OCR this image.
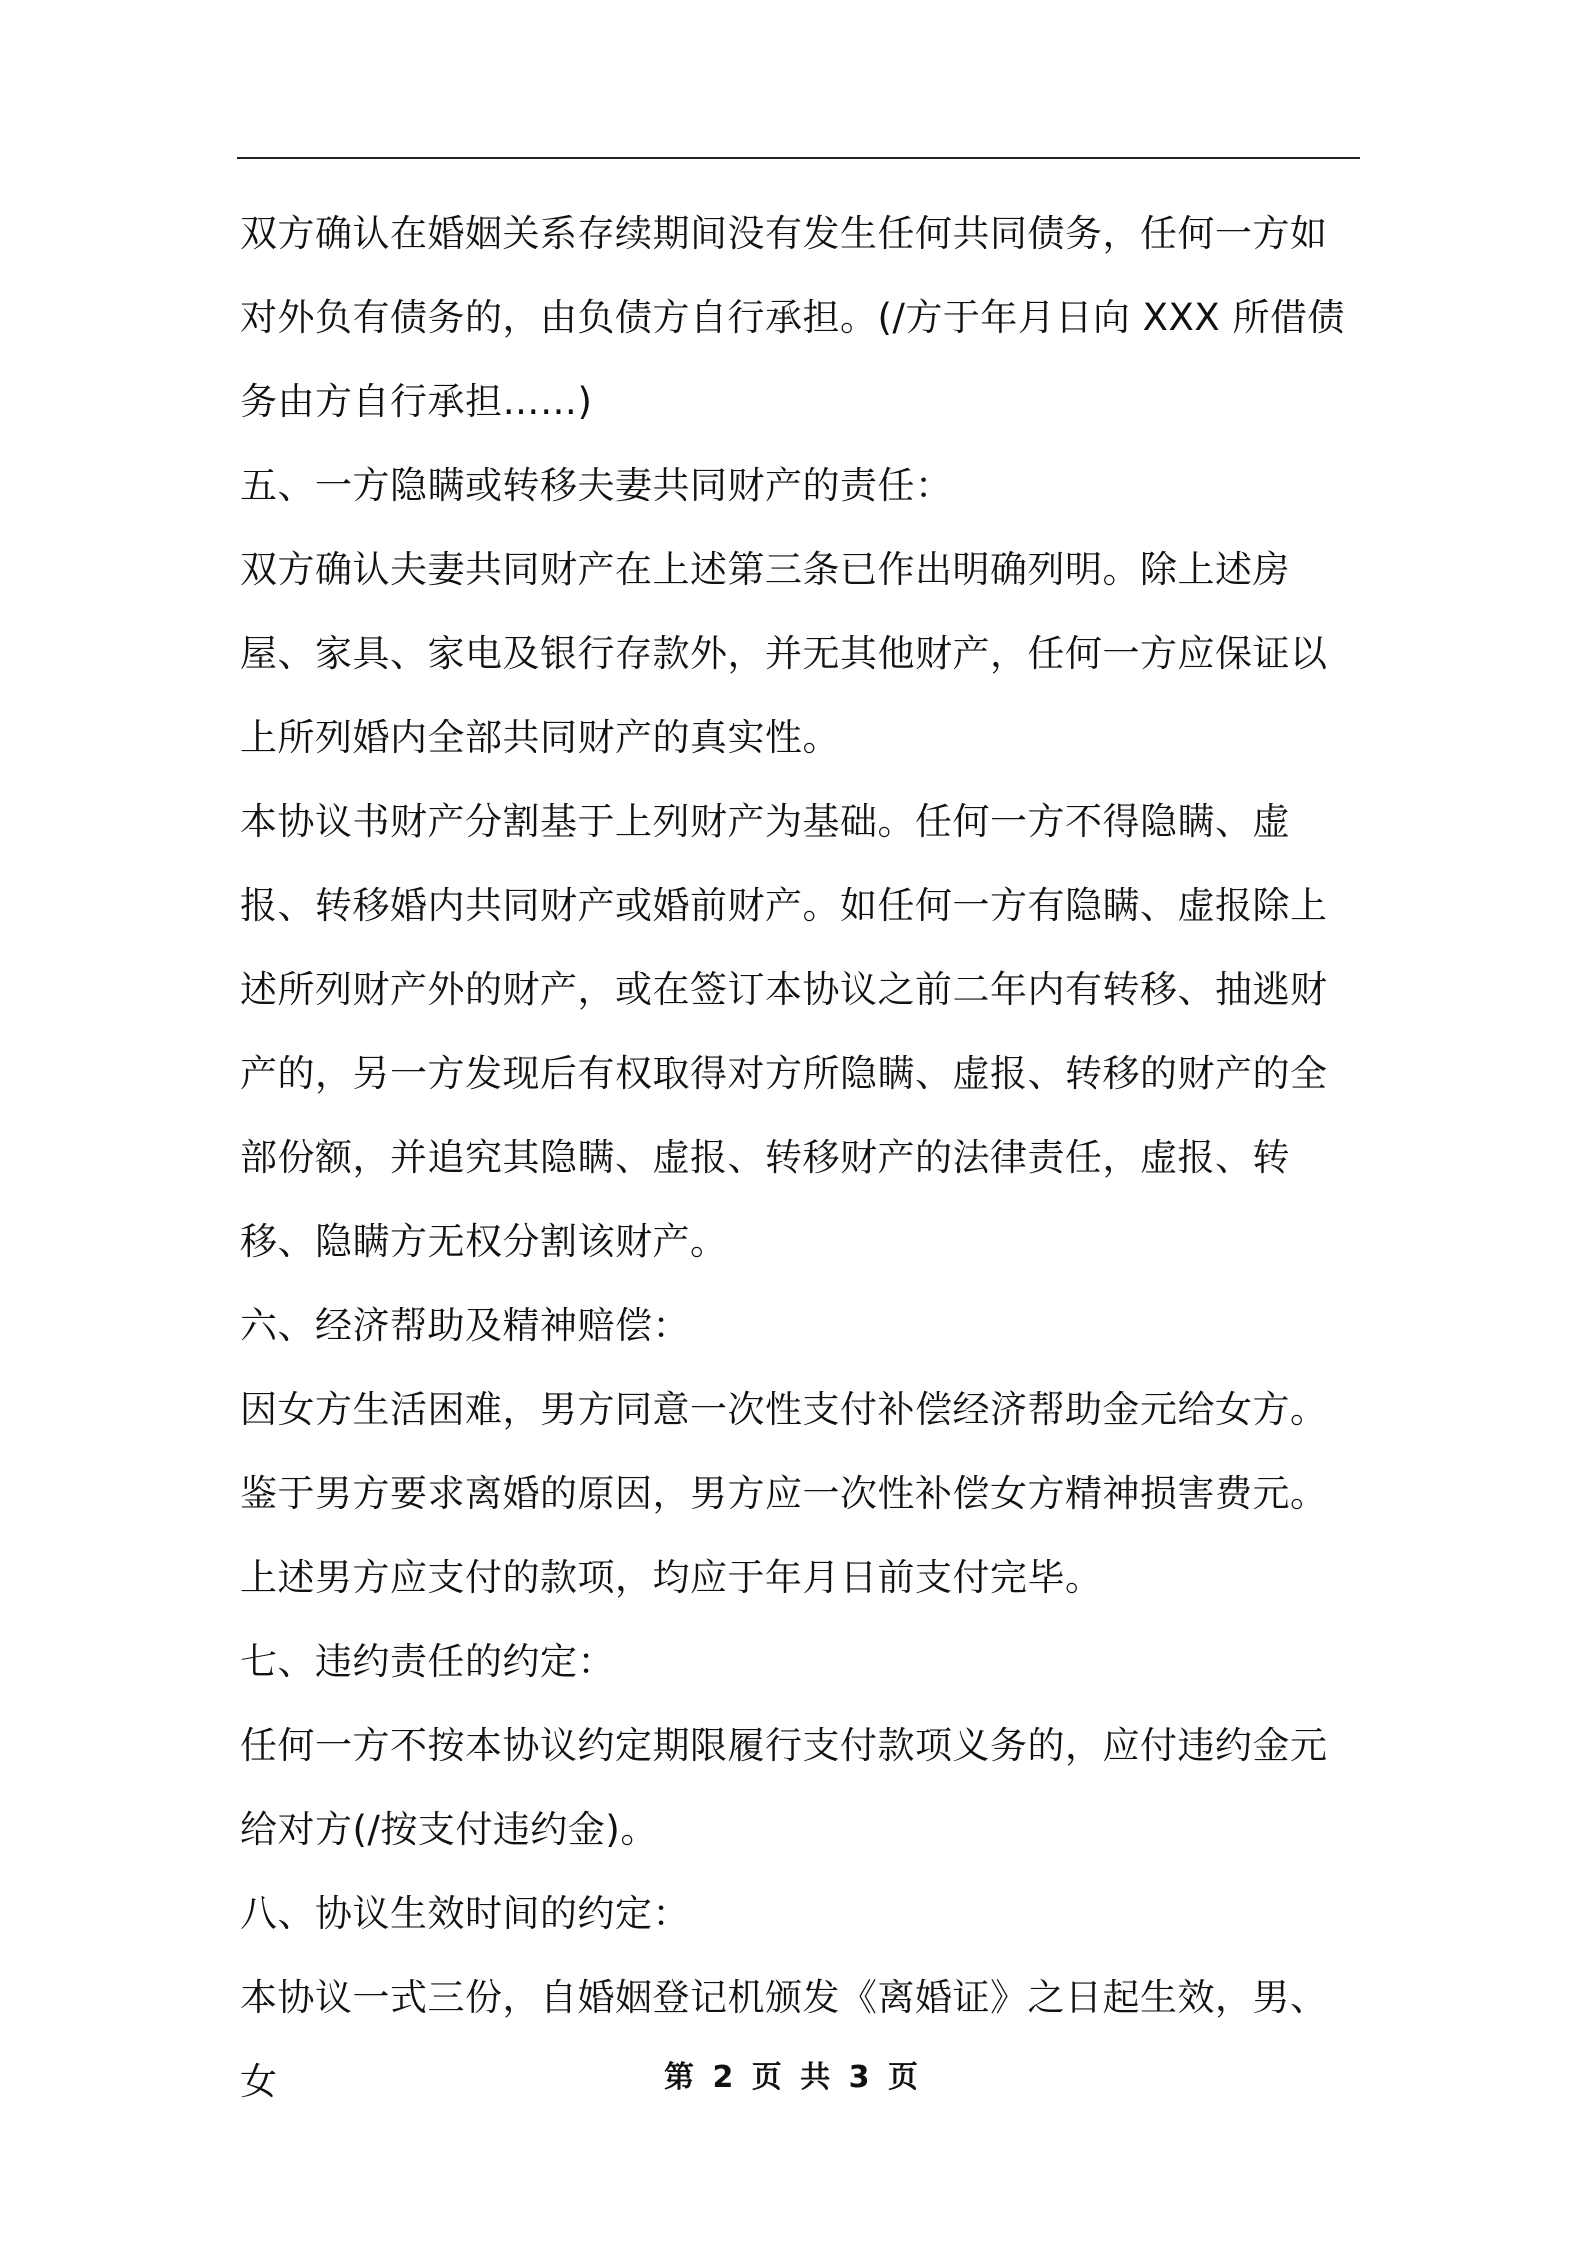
双方确认在婚姻关系存续期间没有发生任何共同债务，任何一方如对外负有债务的，由负债方自行承担。(/方于年月日向 XXX 所借债务由方自行承担……)

五、一方隐瞒或转移夫妻共同财产的责任：

双方确认夫妻共同财产在上述第三条已作出明确列明。除上述房屋、家具、家电及银行存款外，并无其他财产，任何一方应保证以上所列婚内全部共同财产的真实性。

本协议书财产分割基于上列财产为基础。任何一方不得隐瞒、虚报、转移婚内共同财产或婚前财产。如任何一方有隐瞒、虚报除上述所列财产外的财产，或在签订本协议之前二年内有转移、抽逃财产的，另一方发现后有权取得对方所隐瞒、虚报、转移的财产的全部份额，并追究其隐瞒、虚报、转移财产的法律责任，虚报、转移、隐瞒方无权分割该财产。

六、经济帮助及精神赔偿：

因女方生活困难，男方同意一次性支付补偿经济帮助金元给女方。鉴于男方要求离婚的原因，男方应一次性补偿女方精神损害费元。上述男方应支付的款项，均应于年月日前支付完毕。

七、违约责任的约定：

任何一方不按本协议约定期限履行支付款项义务的，应付违约金元给对方(/按支付违约金)。

八、协议生效时间的约定：

本协议一式三份，自婚姻登记机颁发《离婚证》之日起生效，男、女	第 2 页 共 3 页
